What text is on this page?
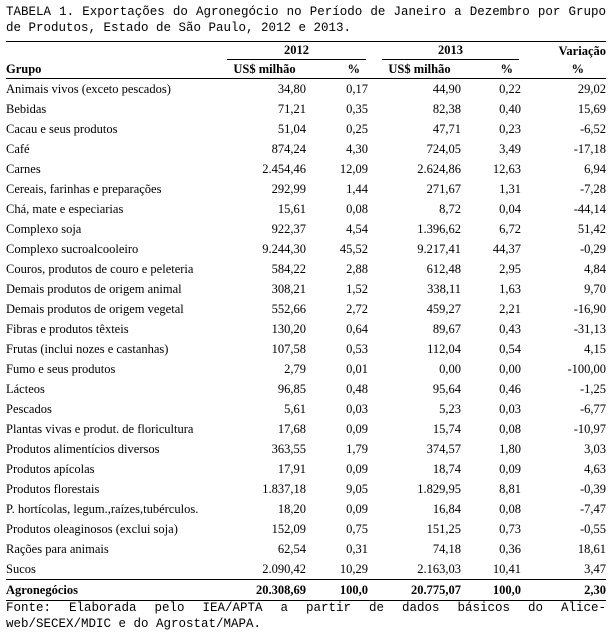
TABELA 1. Exportações do Agronegócio no Período de Janeiro a Dezembro por Grupo de Produtos, Estado de São Paulo, 2012 e 2013.

	2012			2013		Variação
Grupo	US$ milhão	%		US$ milhão	%	%
Animais vivos (exceto pescados)	34,80	0,17		44,90	0,22	29,02
Bebidas	71,21	0,35		82,38	0,40	15,69
Cacau e seus produtos	51,04	0,25		47,71	0,23	-6,52
Café	874,24	4,30		724,05	3,49	-17,18
Carnes	2.454,46	12,09		2.624,86	12,63	6,94
Cereais, farinhas e preparações	292,99	1,44		271,67	1,31	-7,28
Chá, mate e especiarias	15,61	0,08		8,72	0,04	-44,14
Complexo soja	922,37	4,54		1.396,62	6,72	51,42
Complexo sucroalcooleiro	9.244,30	45,52		9.217,41	44,37	-0,29
Couros, produtos de couro e peleteria	584,22	2,88		612,48	2,95	4,84
Demais produtos de origem animal	308,21	1,52		338,11	1,63	9,70
Demais produtos de origem vegetal	552,66	2,72		459,27	2,21	-16,90
Fibras e produtos têxteis	130,20	0,64		89,67	0,43	-31,13
Frutas (inclui nozes e castanhas)	107,58	0,53		112,04	0,54	4,15
Fumo e seus produtos	2,79	0,01		0,00	0,00	-100,00
Lácteos	96,85	0,48		95,64	0,46	-1,25
Pescados	5,61	0,03		5,23	0,03	-6,77
Plantas vivas e produt. de floricultura	17,68	0,09		15,74	0,08	-10,97
Produtos alimentícios diversos	363,55	1,79		374,57	1,80	3,03
Produtos apícolas	17,91	0,09		18,74	0,09	4,63
Produtos florestais	1.837,18	9,05		1.829,95	8,81	-0,39
P. hortícolas, legum.,raízes,tubérculos.	18,20	0,09		16,84	0,08	-7,47
Produtos oleaginosos (exclui soja)	152,09	0,75		151,25	0,73	-0,55
Rações para animais	62,54	0,31		74,18	0,36	18,61
Sucos	2.090,42	10,29		2.163,03	10,41	3,47
Agronegócios	20.308,69	100,0		20.775,07	100,0	2,30
Fonte: Elaborada pelo IEA/APTA a partir de dados básicos do Alice-web/SECEX/MDIC e do Agrostat/MAPA.
